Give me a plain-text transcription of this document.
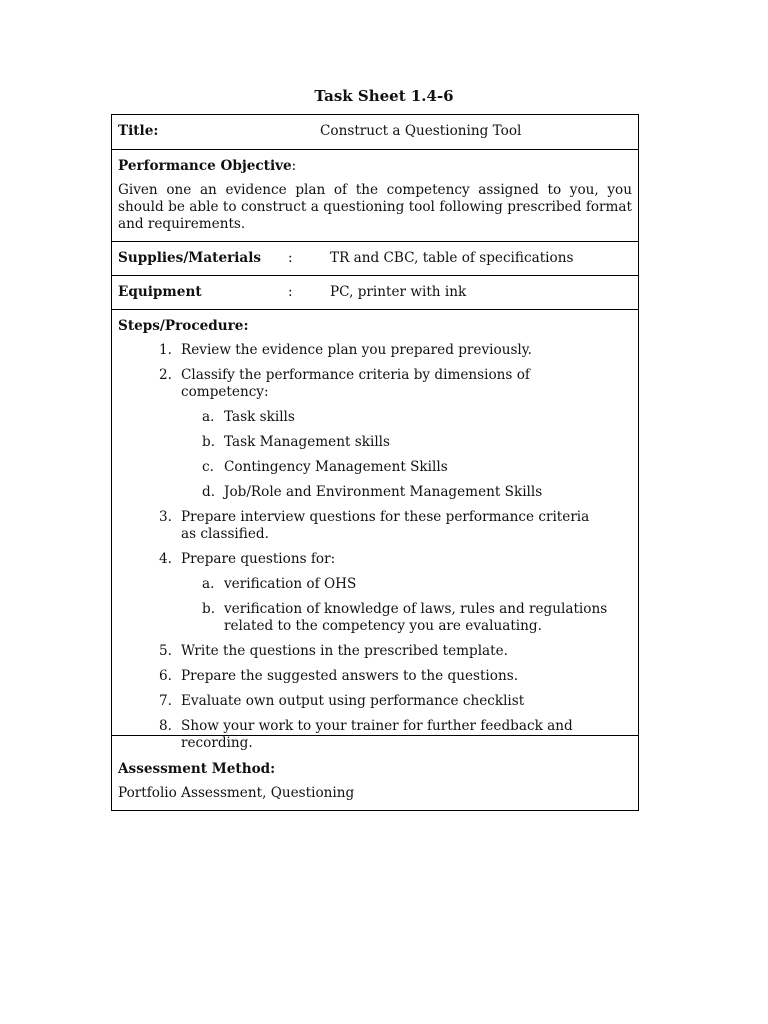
Task Sheet 1.4-6
Title:	Construct a Questioning Tool
Performance Objective:
Given one an evidence plan of the competency assigned to you, you should be able to construct a questioning tool following prescribed format and requirements.
Supplies/Materials :	TR and CBC, table of specifications
Equipment	:	PC, printer with ink
Steps/Procedure:
1. Review the evidence plan you prepared previously.
2. Classify the performance criteria by dimensions of competency:
a. Task skills
b. Task Management skills
c. Contingency Management Skills
d. Job/Role and Environment Management Skills
3. Prepare interview questions for these performance criteria as classified.
4. Prepare questions for:
a. verification of OHS
b. verification of knowledge of laws, rules and regulations related to the competency you are evaluating.
5. Write the questions in the prescribed template.
6. Prepare the suggested answers to the questions.
7. Evaluate own output using performance checklist
8. Show your work to your trainer for further feedback and recording.
Assessment Method:
Portfolio Assessment, Questioning
